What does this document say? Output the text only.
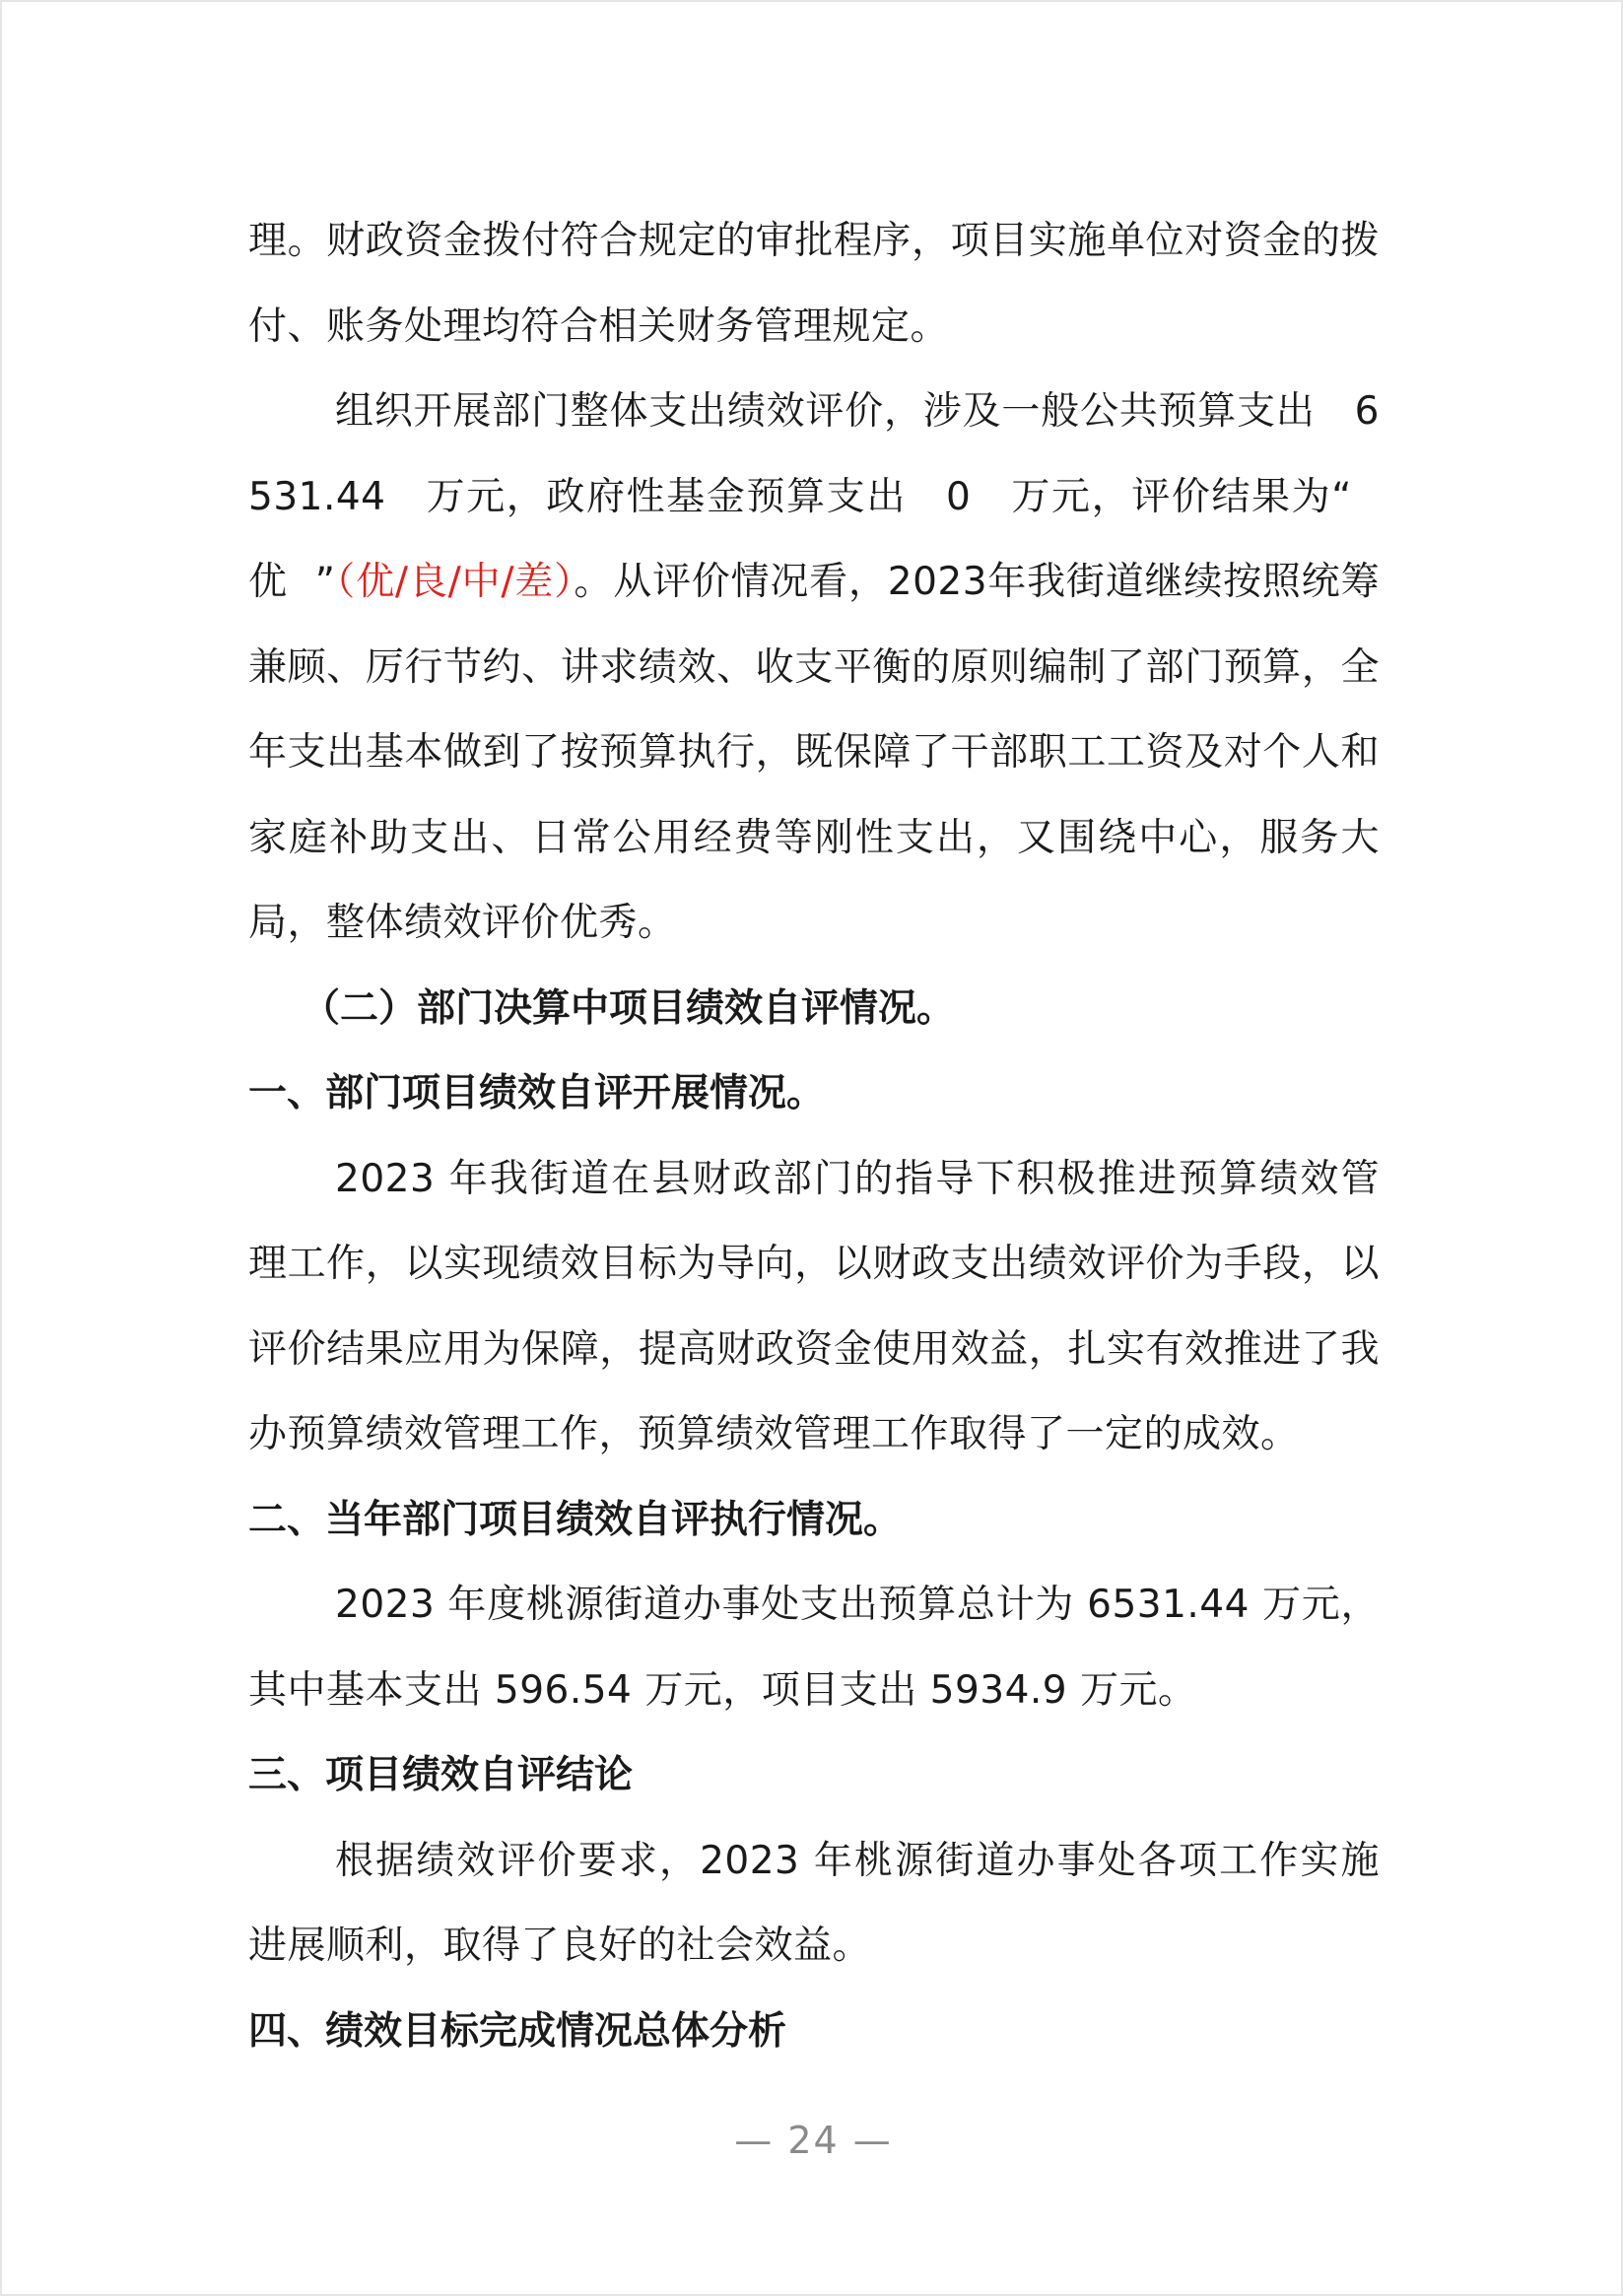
理。财政资金拨付符合规定的审批程序，项目实施单位对资金的拨付、账务处理均符合相关财务管理规定。

组织开展部门整体支出绩效评价，涉及一般公共预算支出 6531.44 万元，政府性基金预算支出 0 万元，评价结果为“优 ”（优/良/中/差）。从评价情况看，2023年我街道继续按照统筹兼顾、厉行节约、讲求绩效、收支平衡的原则编制了部门预算，全年支出基本做到了按预算执行，既保障了干部职工工资及对个人和家庭补助支出、日常公用经费等刚性支出，又围绕中心，服务大局，整体绩效评价优秀。

（二）部门决算中项目绩效自评情况。

一、部门项目绩效自评开展情况。

2023 年我街道在县财政部门的指导下积极推进预算绩效管理工作，以实现绩效目标为导向，以财政支出绩效评价为手段，以评价结果应用为保障，提高财政资金使用效益，扎实有效推进了我办预算绩效管理工作，预算绩效管理工作取得了一定的成效。

二、当年部门项目绩效自评执行情况。

2023 年度桃源街道办事处支出预算总计为 6531.44 万元，其中基本支出 596.54 万元，项目支出 5934.9 万元。

三、项目绩效自评结论

根据绩效评价要求，2023 年桃源街道办事处各项工作实施进展顺利，取得了良好的社会效益。

四、绩效目标完成情况总体分析

— 24 —
